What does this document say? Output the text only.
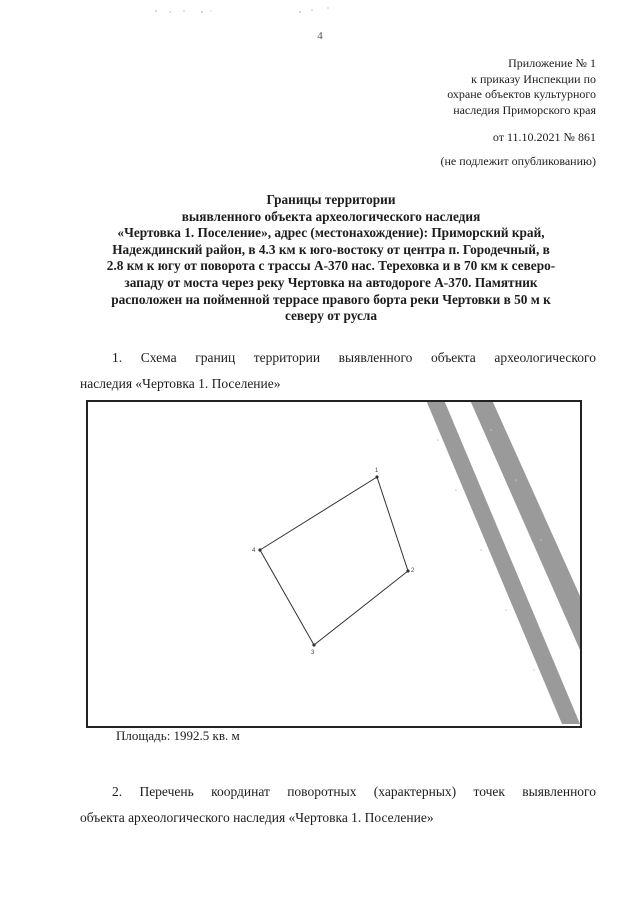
4
Приложение № 1
к приказу Инспекции по
охране объектов культурного
наследия Приморского края
от 11.10.2021 № 861
(не подлежит опубликованию)
Границы территории
выявленного объекта археологического наследия
«Чертовка 1. Поселение», адрес (местонахождение): Приморский край,
Надеждинский район, в 4.3 км к юго-востоку от центра п. Городечный, в
2.8 км к югу от поворота с трассы А-370 нас. Тереховка и в 70 км к северо-
западу от моста через реку Чертовка на автодороге А-370. Памятник
расположен на пойменной террасе правого борта реки Чертовки в 50 м к
северу от русла
1. Схема границ территории выявленного объекта археологического
наследия «Чертовка 1. Поселение»
1
2
3
4
Площадь: 1992.5 кв. м
2. Перечень координат поворотных (характерных) точек выявленного
объекта археологического наследия «Чертовка 1. Поселение»
